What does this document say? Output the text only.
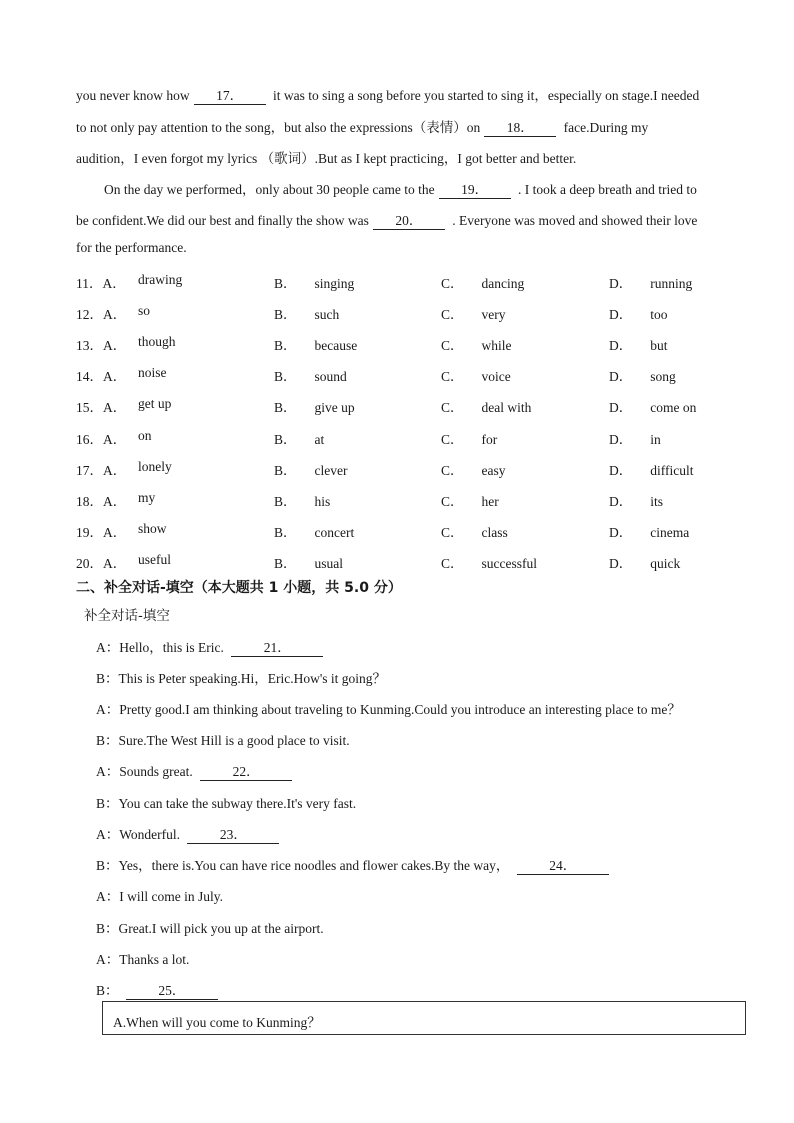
you never know how 17． it was to sing a song before you started to sing it，especially on stage.I needed
to not only pay attention to the song，but also the expressions（表情）on 18． face.During my
audition，I even forgot my lyrics （歌词）.But as I kept practicing，I got better and better.
On the day we performed，only about 30 people came to the 19． . I took a deep breath and tried to
be confident.We did our best and finally the show was 20． . Everyone was moved and showed their love
for the performance.
11．A． drawing	B． singing	C． dancing	D． running
12．A． so	B． such	C． very	D． too
13．A． though	B． because	C． while	D． but
14．A． noise	B． sound	C． voice	D． song
15．A． get up	B． give up	C． deal with	D． come on
16．A． on	B． at	C． for	D． in
17．A． lonely	B． clever	C． easy	D． difficult
18．A． my	B． his	C． her	D． its
19．A． show	B． concert	C． class	D． cinema
20．A． useful	B． usual	C． successful	D． quick
二、补全对话-填空（本大题共 1 小题，共 5.0 分）
补全对话-填空
A：Hello，this is Eric.	21．
B：This is Peter speaking.Hi，Eric.How's it going？
A：Pretty good.I am thinking about traveling to Kunming.Could you introduce an interesting place to me？
B：Sure.The West Hill is a good place to visit.
A：Sounds great.	22．
B：You can take the subway there.It's very fast.
A：Wonderful.	23．
B：Yes，there is.You can have rice noodles and flower cakes.By the way，	24．
A：I will come in July.
B：Great.I will pick you up at the airport.
A：Thanks a lot.
B：	25．
A.When will you come to Kunming？
